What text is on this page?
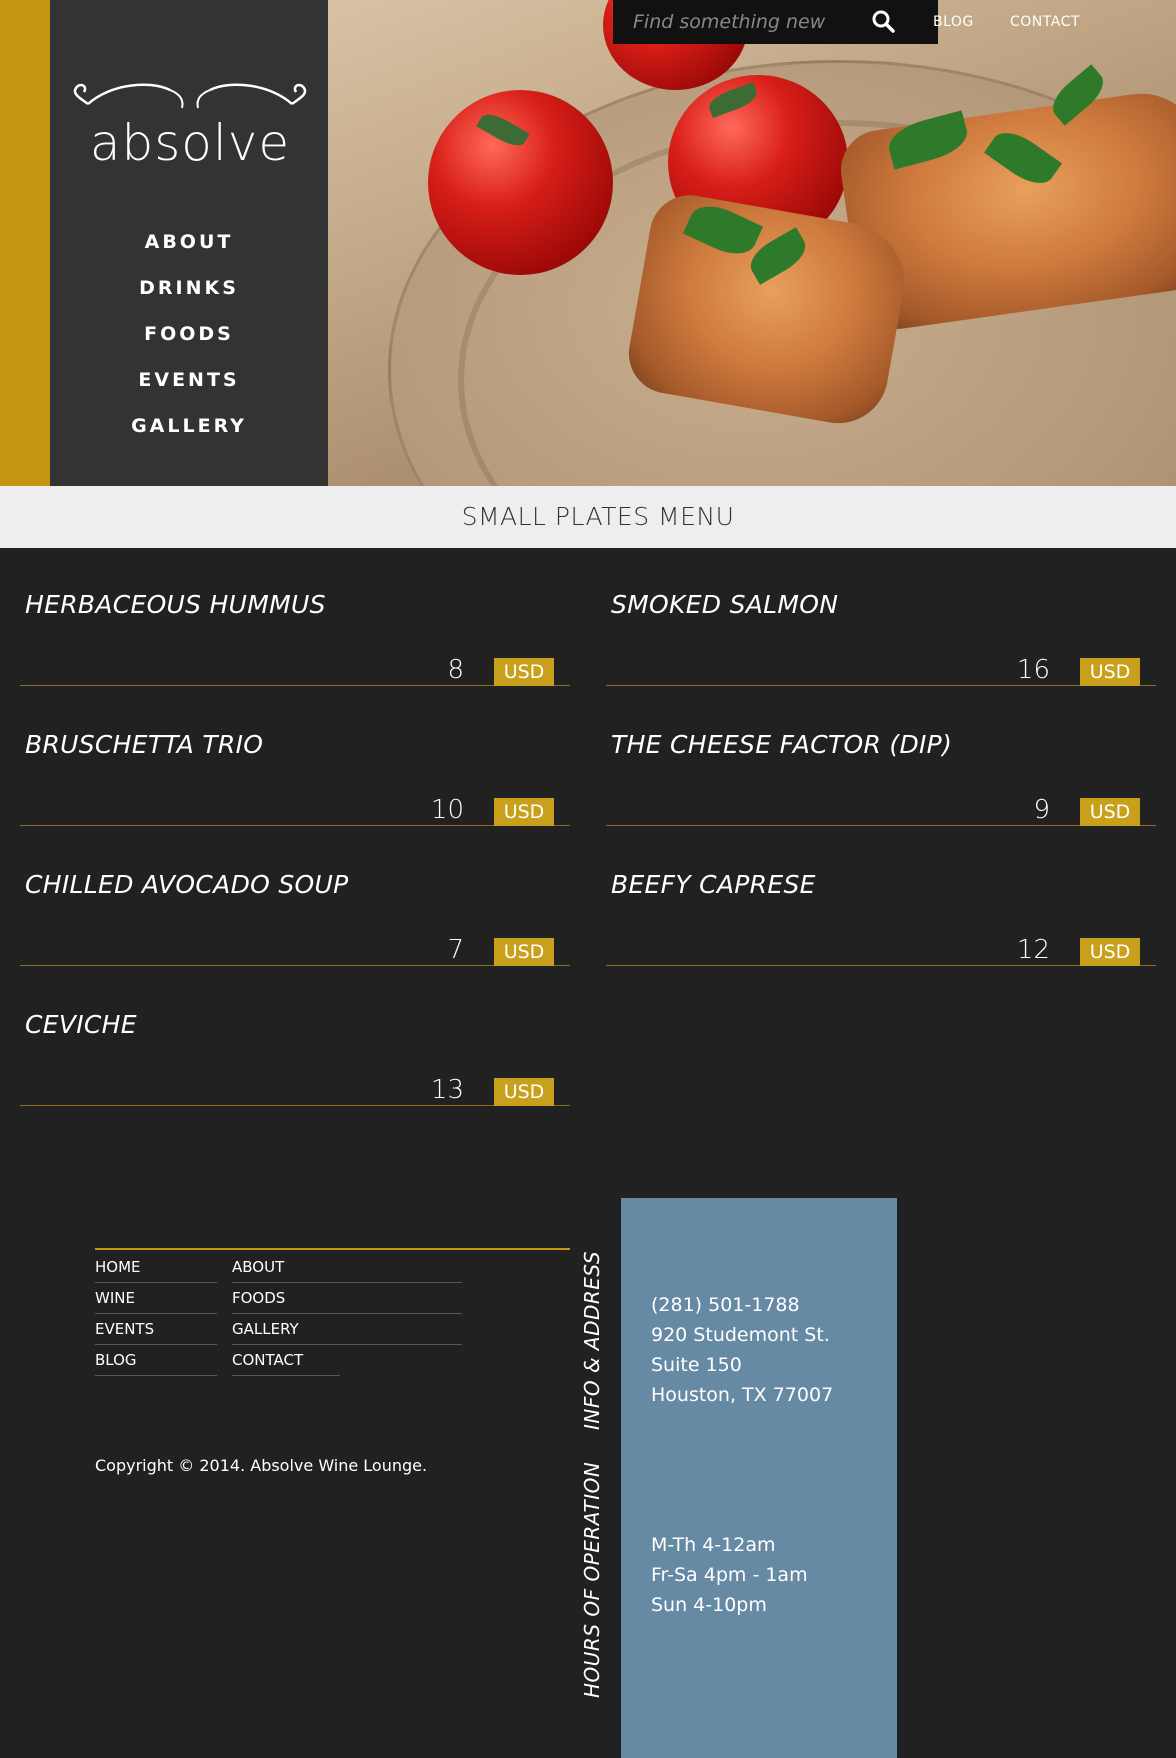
absolve
ABOUT
DRINKS
FOODS
EVENTS
GALLERY
Find something new
BLOG	CONTACT
SMALL PLATES MENU
HERBACEOUS HUMMUS
8	USD
SMOKED SALMON
16	USD
BRUSCHETTA TRIO
10	USD
THE CHEESE FACTOR (DIP)
9	USD
CHILLED AVOCADO SOUP
7	USD
BEEFY CAPRESE
12	USD
CEVICHE
13	USD
HOME	ABOUT
WINE	FOODS
EVENTS	GALLERY
BLOG	CONTACT
Copyright © 2014. Absolve Wine Lounge.
INFO & ADDRESS
HOURS OF OPERATION
(281) 501-1788
920 Studemont St.
Suite 150
Houston, TX 77007
M-Th 4-12am
Fr-Sa 4pm - 1am
Sun 4-10pm
